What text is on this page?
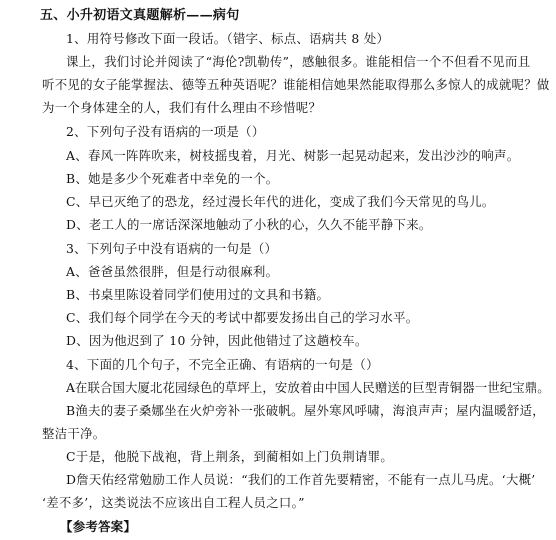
五、小升初语文真题解析——病句
1、用符号修改下面一段话。（错字、标点、语病共 8 处）
课上，我们讨论并阅读了“海伦?凯勒传”，感触很多。谁能相信一个不但看不见而且
听不见的女子能掌握法、德等五种英语呢？谁能相信她果然能取得那么多惊人的成就呢？做
为一个身体建全的人，我们有什么理由不珍惜呢？
2、下列句子没有语病的一项是（）
A、春风一阵阵吹来，树枝摇曳着，月光、树影一起晃动起来，发出沙沙的响声。
B、她是多少个死难者中幸免的一个。
C、早已灭绝了的恐龙，经过漫长年代的进化，变成了我们今天常见的鸟儿。
D、老工人的一席话深深地触动了小秋的心，久久不能平静下来。
3、下列句子中没有语病的一句是（）
A、爸爸虽然很胖，但是行动很麻利。
B、书桌里陈设着同学们使用过的文具和书籍。
C、我们每个同学在今天的考试中都要发扬出自己的学习水平。
D、因为他迟到了 10 分钟，因此他错过了这趟校车。
4、下面的几个句子，不完全正确、有语病的一句是（）
A在联合国大厦北花园绿色的草坪上，安放着由中国人民赠送的巨型青铜器一世纪宝鼎。
B渔夫的妻子桑娜坐在火炉旁补一张破帆。屋外寒风呼啸，海浪声声；屋内温暖舒适，
整洁干净。
C于是，他脱下战袍，背上荆条，到蔺相如上门负荆请罪。
D詹天佑经常勉励工作人员说：“我们的工作首先要精密，不能有一点儿马虎。‘大概’
‘差不多’，这类说法不应该出自工程人员之口。”
【参考答案】
